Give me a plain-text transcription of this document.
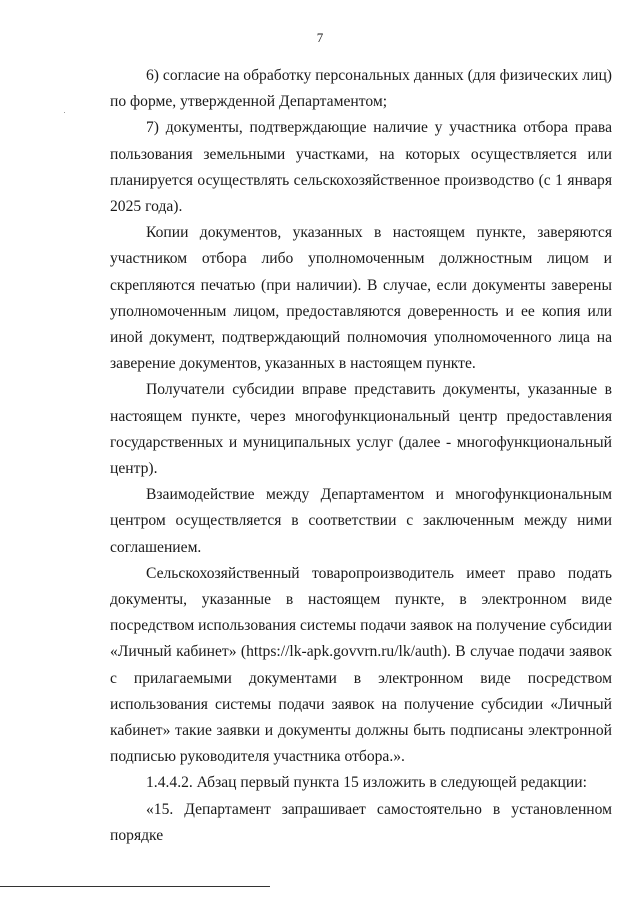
7

6) согласие на обработку персональных данных (для физических лиц) по форме, утвержденной Департаментом;

7) документы, подтверждающие наличие у участника отбора права пользования земельными участками, на которых осуществляется или планируется осуществлять сельскохозяйственное производство (с 1 января 2025 года).

Копии документов, указанных в настоящем пункте, заверяются участником отбора либо уполномоченным должностным лицом и скрепляются печатью (при наличии). В случае, если документы заверены уполномоченным лицом, предоставляются доверенность и ее копия или иной документ, подтверждающий полномочия уполномоченного лица на заверение документов, указанных в настоящем пункте.

Получатели субсидии вправе представить документы, указанные в настоящем пункте, через многофункциональный центр предоставления государственных и муниципальных услуг (далее - многофункциональный центр).

Взаимодействие между Департаментом и многофункциональным центром осуществляется в соответствии с заключенным между ними соглашением.

Сельскохозяйственный товаропроизводитель имеет право подать документы, указанные в настоящем пункте, в электронном виде посредством использования системы подачи заявок на получение субсидии «Личный кабинет» (https://lk-apk.govvrn.ru/lk/auth). В случае подачи заявок с прилагаемыми документами в электронном виде посредством использования системы подачи заявок на получение субсидии «Личный кабинет» такие заявки и документы должны быть подписаны электронной подписью руководителя участника отбора.».

1.4.4.2. Абзац первый пункта 15 изложить в следующей редакции:

«15. Департамент запрашивает самостоятельно в установленном порядке
